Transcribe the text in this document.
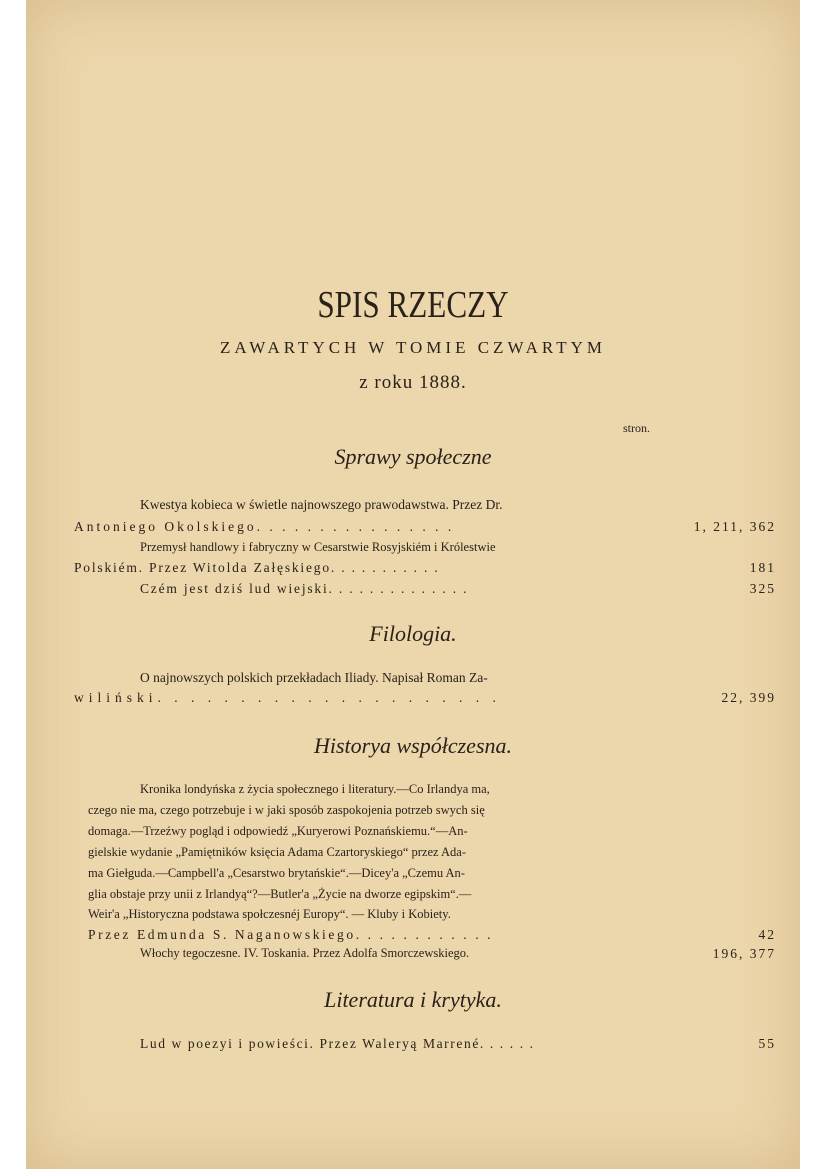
SPIS RZECZY
ZAWARTYCH W TOMIE CZWARTYM
z roku 1888.
stron.
Sprawy społeczne
Kwestya kobieca w świetle najnowszego prawodawstwa. Przez Dr.
Antoniego Okolskiego. . . . . . . . . . . . . . . .	1, 211, 362
Przemysł handlowy i fabryczny w Cesarstwie Rosyjskiém i Królestwie
Polskiém. Przez Witolda Załęskiego. . . . . . . . . . .	181
Czém jest dziś lud wiejski. . . . . . . . . . . . . .	325
Filologia.
O najnowszych polskich przekładach Iliady. Napisał Roman Za-
wiliński. . . . . . . . . . . . . . . . . . . . .	22, 399
Historya współczesna.
Kronika londyńska z życia społecznego i literatury.—Co Irlandya ma,
czego nie ma, czego potrzebuje i w jaki sposób zaspokojenia potrzeb swych się
domaga.—Trzeźwy pogląd i odpowiedź „Kuryerowi Poznańskiemu.“—An-
gielskie wydanie „Pamiętników księcia Adama Czartoryskiego“ przez Ada-
ma Giełguda.—Campbell'a „Cesarstwo brytańskie“.—Dicey'a „Czemu An-
glia obstaje przy unii z Irlandyą“?—Butler'a „Życie na dworze egipskim“.—
Weir'a „Historyczna podstawa społczesnéj Europy“. — Kluby i Kobiety.
Przez Edmunda S. Naganowskiego. . . . . . . . . . . .	42
Włochy tegoczesne. IV. Toskania. Przez Adolfa Smorczewskiego.	196, 377
Literatura i krytyka.
Lud w poezyi i powieści. Przez Waleryą Marrené. . . . . .	55
